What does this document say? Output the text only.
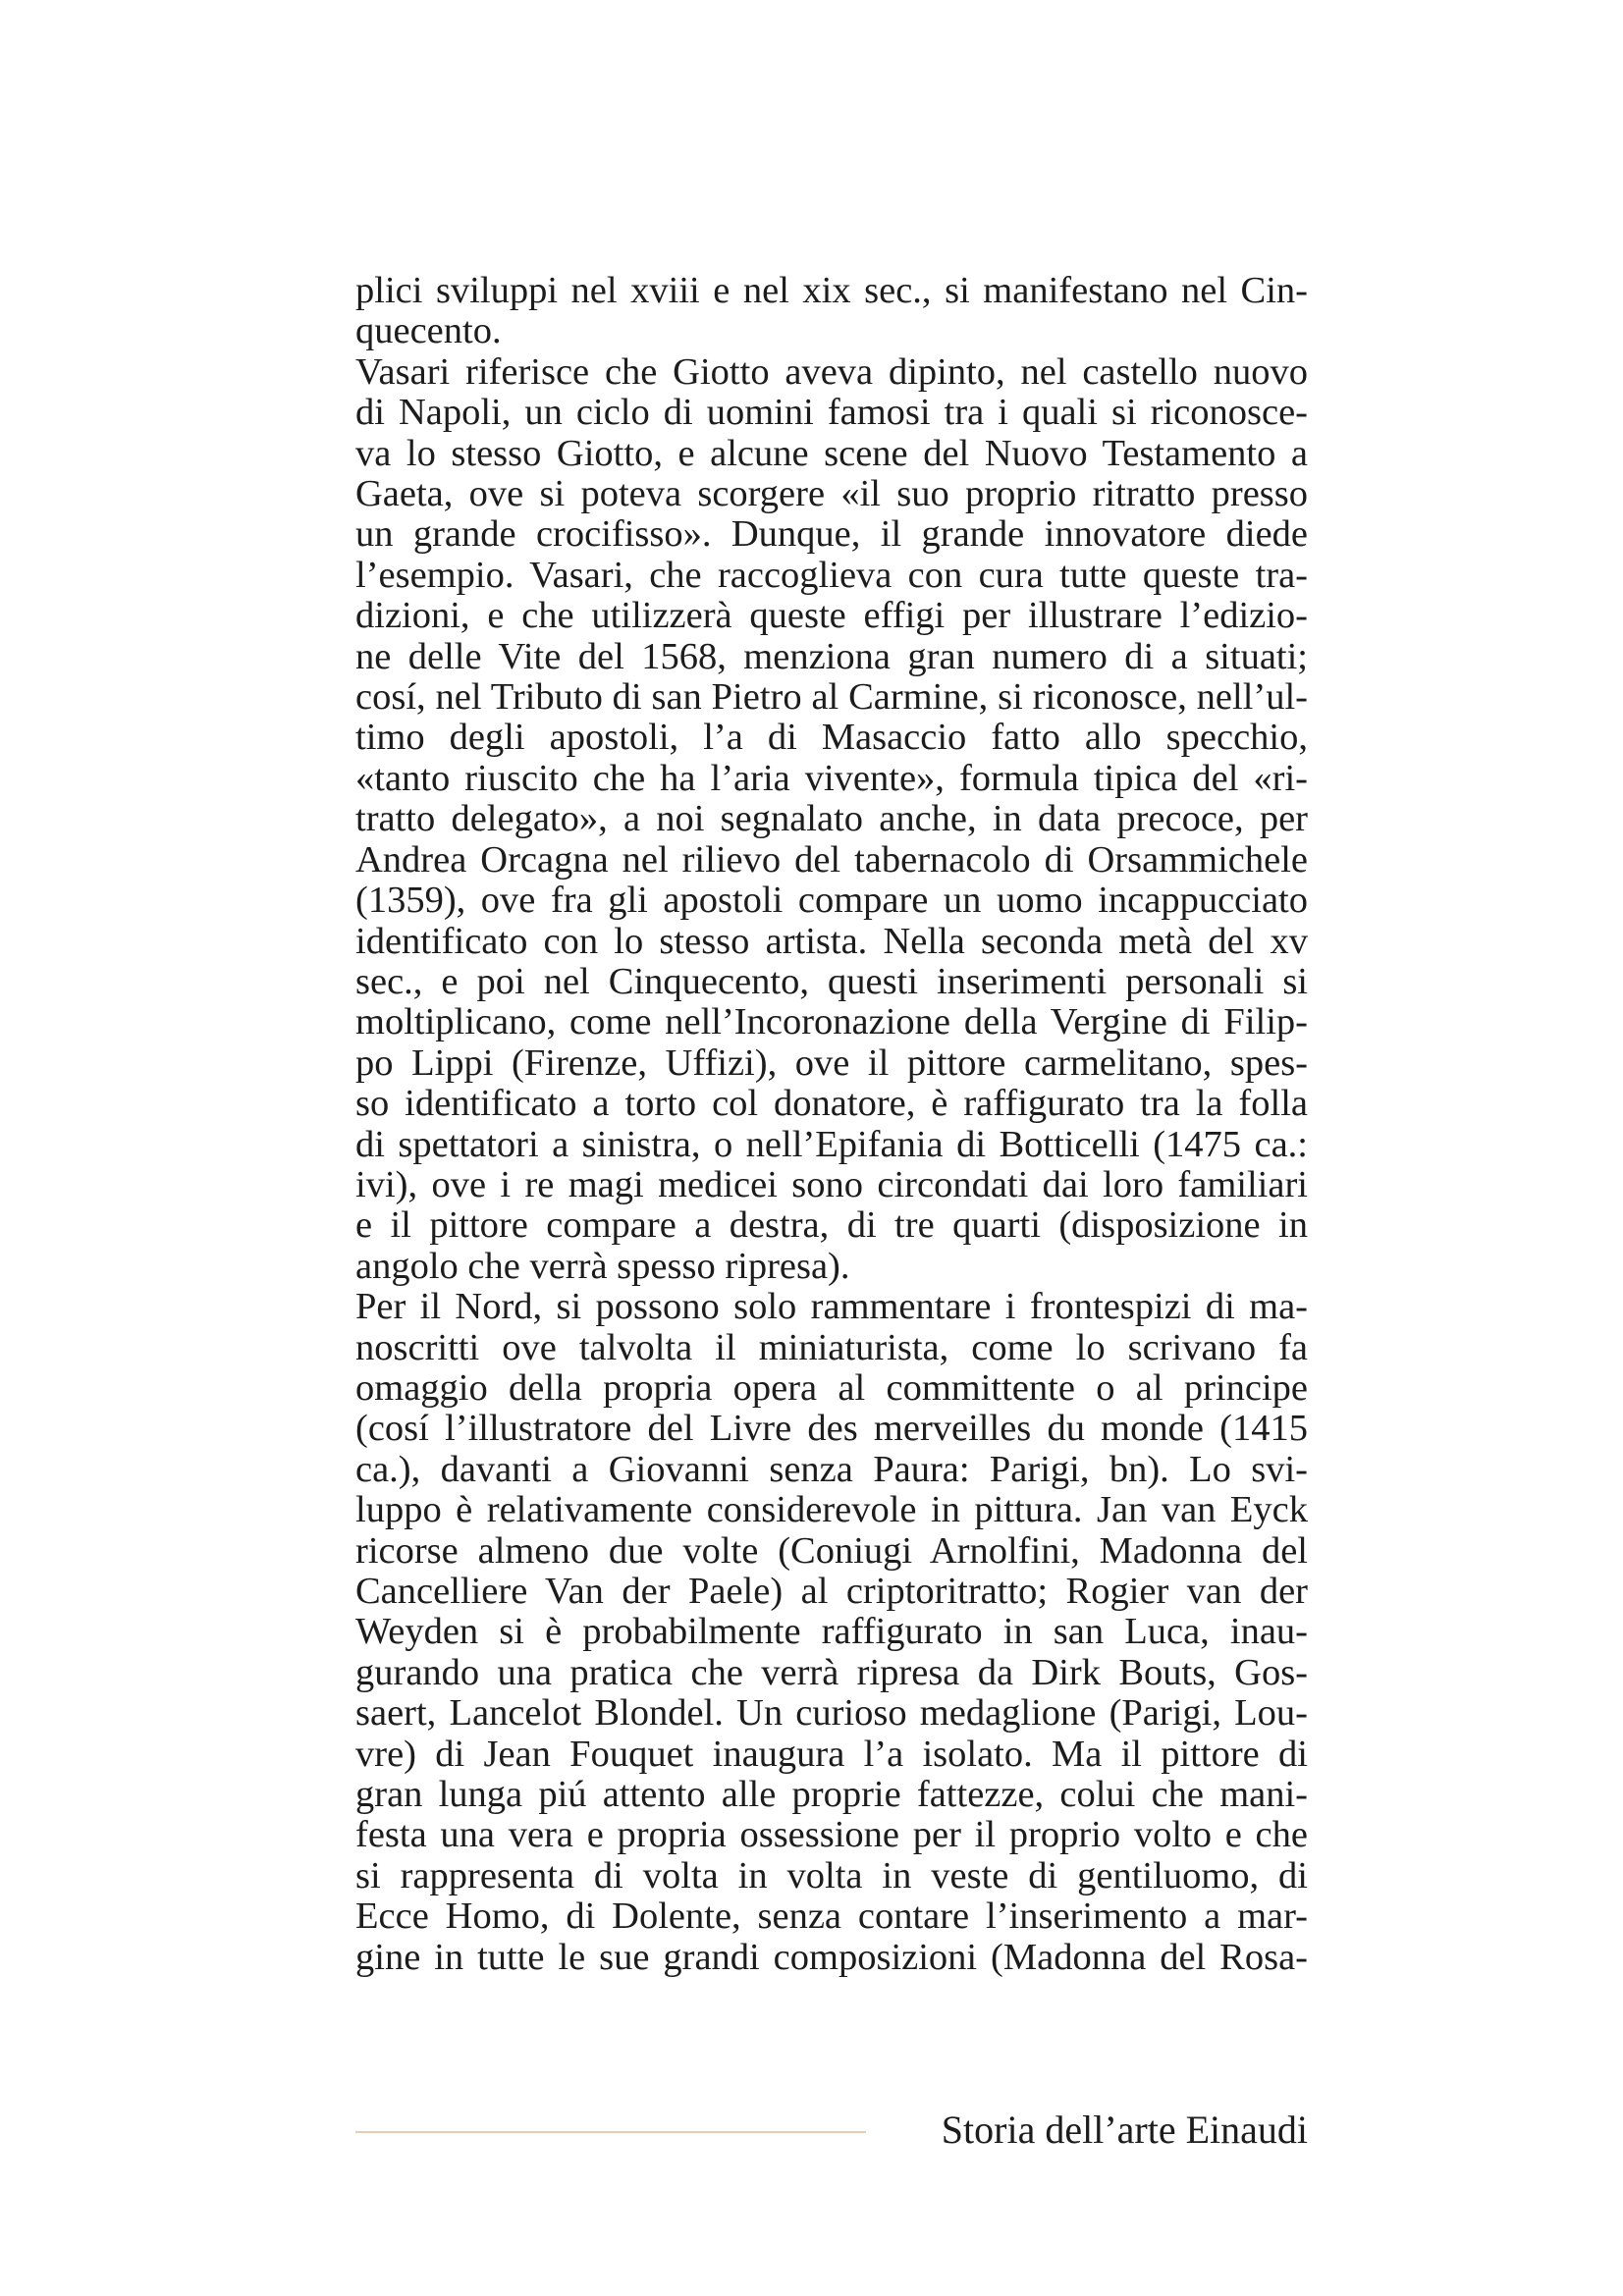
plici sviluppi nel xviii e nel xix sec., si manifestano nel Cin-
quecento.
Vasari riferisce che Giotto aveva dipinto, nel castello nuovo
di Napoli, un ciclo di uomini famosi tra i quali si riconosce-
va lo stesso Giotto, e alcune scene del Nuovo Testamento a
Gaeta, ove si poteva scorgere «il suo proprio ritratto presso
un grande crocifisso». Dunque, il grande innovatore diede
l’esempio. Vasari, che raccoglieva con cura tutte queste tra-
dizioni, e che utilizzerà queste effigi per illustrare l’edizio-
ne delle Vite del 1568, menziona gran numero di a situati;
cosí, nel Tributo di san Pietro al Carmine, si riconosce, nell’ul-
timo degli apostoli, l’a di Masaccio fatto allo specchio,
«tanto riuscito che ha l’aria vivente», formula tipica del «ri-
tratto delegato», a noi segnalato anche, in data precoce, per
Andrea Orcagna nel rilievo del tabernacolo di Orsammichele
(1359), ove fra gli apostoli compare un uomo incappucciato
identificato con lo stesso artista. Nella seconda metà del xv
sec., e poi nel Cinquecento, questi inserimenti personali si
moltiplicano, come nell’Incoronazione della Vergine di Filip-
po Lippi (Firenze, Uffizi), ove il pittore carmelitano, spes-
so identificato a torto col donatore, è raffigurato tra la folla
di spettatori a sinistra, o nell’Epifania di Botticelli (1475 ca.:
ivi), ove i re magi medicei sono circondati dai loro familiari
e il pittore compare a destra, di tre quarti (disposizione in
angolo che verrà spesso ripresa).
Per il Nord, si possono solo rammentare i frontespizi di ma-
noscritti ove talvolta il miniaturista, come lo scrivano fa
omaggio della propria opera al committente o al principe
(cosí l’illustratore del Livre des merveilles du monde (1415
ca.), davanti a Giovanni senza Paura: Parigi, bn). Lo svi-
luppo è relativamente considerevole in pittura. Jan van Eyck
ricorse almeno due volte (Coniugi Arnolfini, Madonna del
Cancelliere Van der Paele) al criptoritratto; Rogier van der
Weyden si è probabilmente raffigurato in san Luca, inau-
gurando una pratica che verrà ripresa da Dirk Bouts, Gos-
saert, Lancelot Blondel. Un curioso medaglione (Parigi, Lou-
vre) di Jean Fouquet inaugura l’a isolato. Ma il pittore di
gran lunga piú attento alle proprie fattezze, colui che mani-
festa una vera e propria ossessione per il proprio volto e che
si rappresenta di volta in volta in veste di gentiluomo, di
Ecce Homo, di Dolente, senza contare l’inserimento a mar-
gine in tutte le sue grandi composizioni (Madonna del Rosa-
Storia dell’arte Einaudi
